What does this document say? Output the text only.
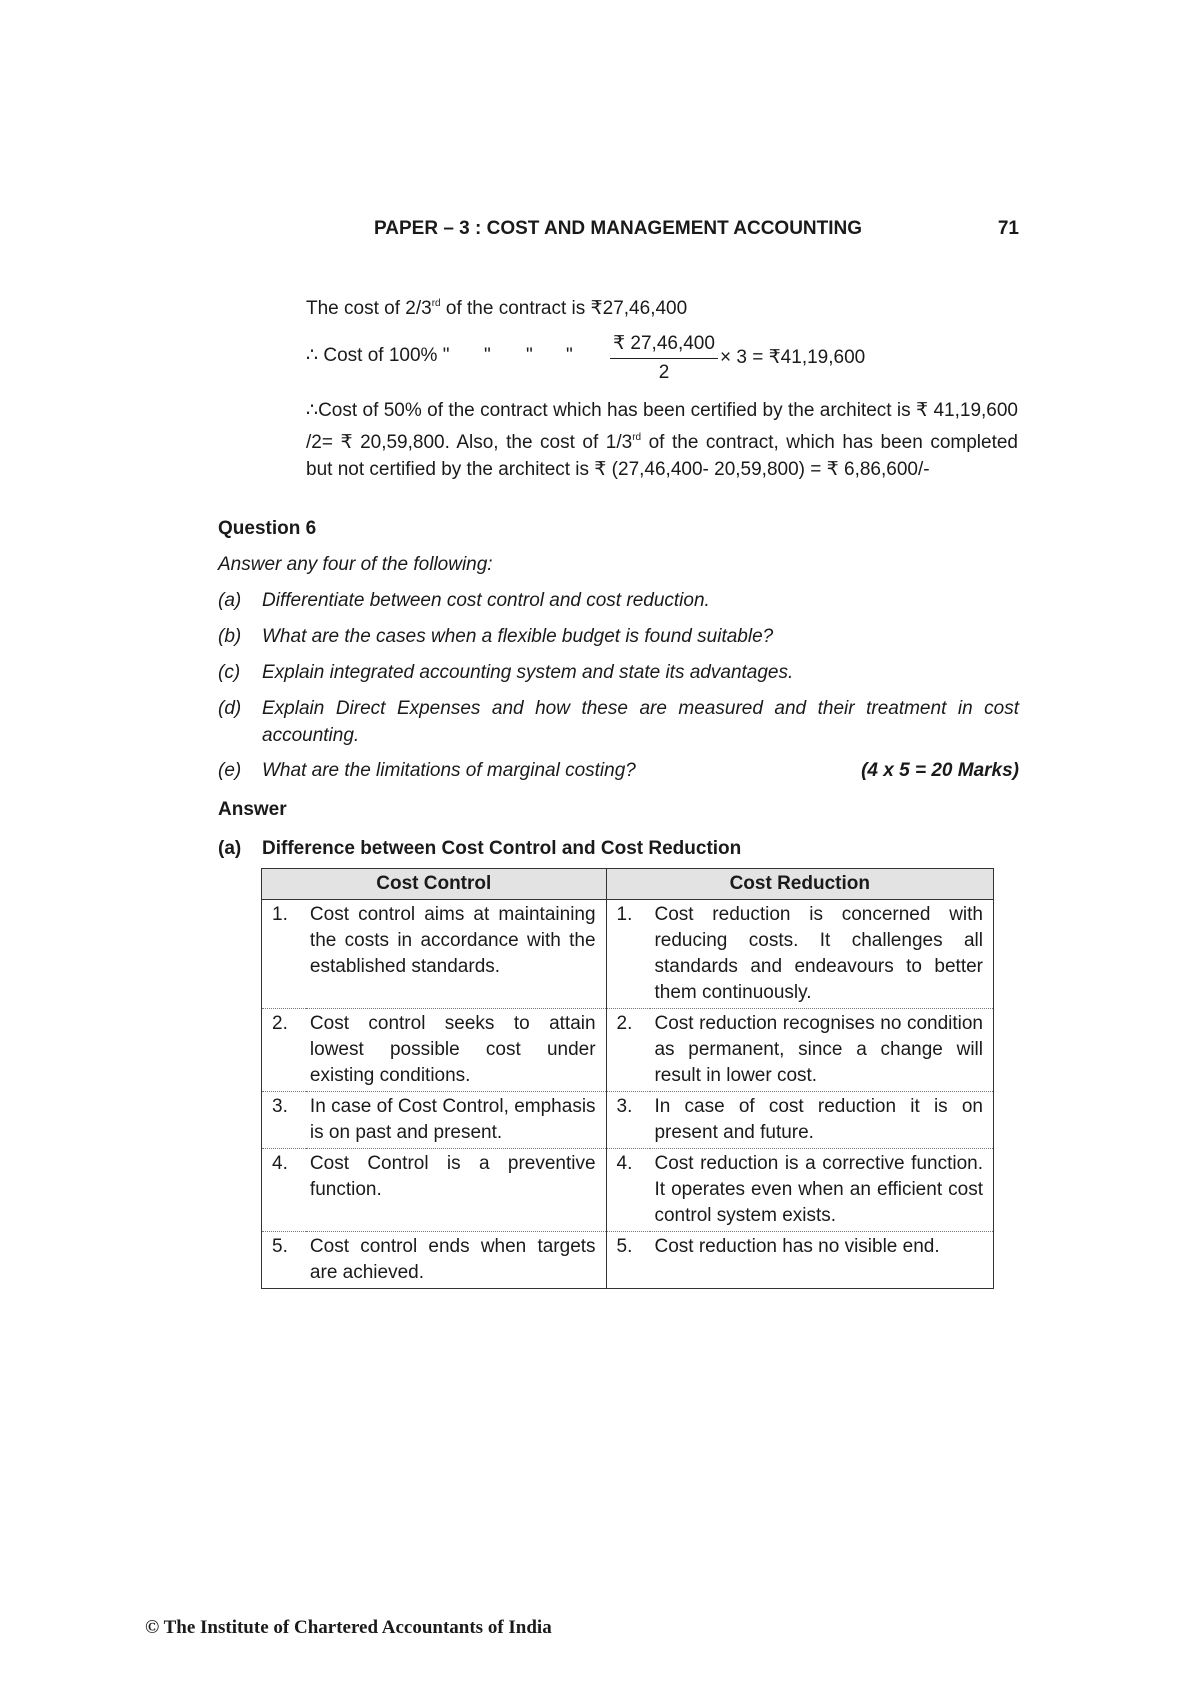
PAPER – 3 : COST AND MANAGEMENT ACCOUNTING	71
The cost of 2/3rd of the contract is ₹27,46,400
∴ Cost of 100% " " " " $\frac{₹ 27,46,400}{2} \times 3$ = ₹41,19,600
∴Cost of 50% of the contract which has been certified by the architect is ₹ 41,19,600 /2= ₹ 20,59,800. Also, the cost of 1/3rd of the contract, which has been completed but not certified by the architect is ₹ (27,46,400- 20,59,800) = ₹ 6,86,600/-
Question 6
Answer any four of the following:
(a) Differentiate between cost control and cost reduction.
(b) What are the cases when a flexible budget is found suitable?
(c) Explain integrated accounting system and state its advantages.
(d) Explain Direct Expenses and how these are measured and their treatment in cost accounting.
(e) What are the limitations of marginal costing?	(4 x 5 = 20 Marks)
Answer
(a) Difference between Cost Control and Cost Reduction
Cost Control		Cost Reduction	
1.	Cost control aims at maintaining the costs in accordance with the established standards.	1.	Cost reduction is concerned with reducing costs. It challenges all standards and endeavours to better them continuously.
2.	Cost control seeks to attain lowest possible cost under existing conditions.	2.	Cost reduction recognises no condition as permanent, since a change will result in lower cost.
3.	In case of Cost Control, emphasis is on past and present.	3.	In case of cost reduction it is on present and future.
4.	Cost Control is a preventive function.	4.	Cost reduction is a corrective function. It operates even when an efficient cost control system exists.
5.	Cost control ends when targets are achieved.	5.	Cost reduction has no visible end.
© The Institute of Chartered Accountants of India
